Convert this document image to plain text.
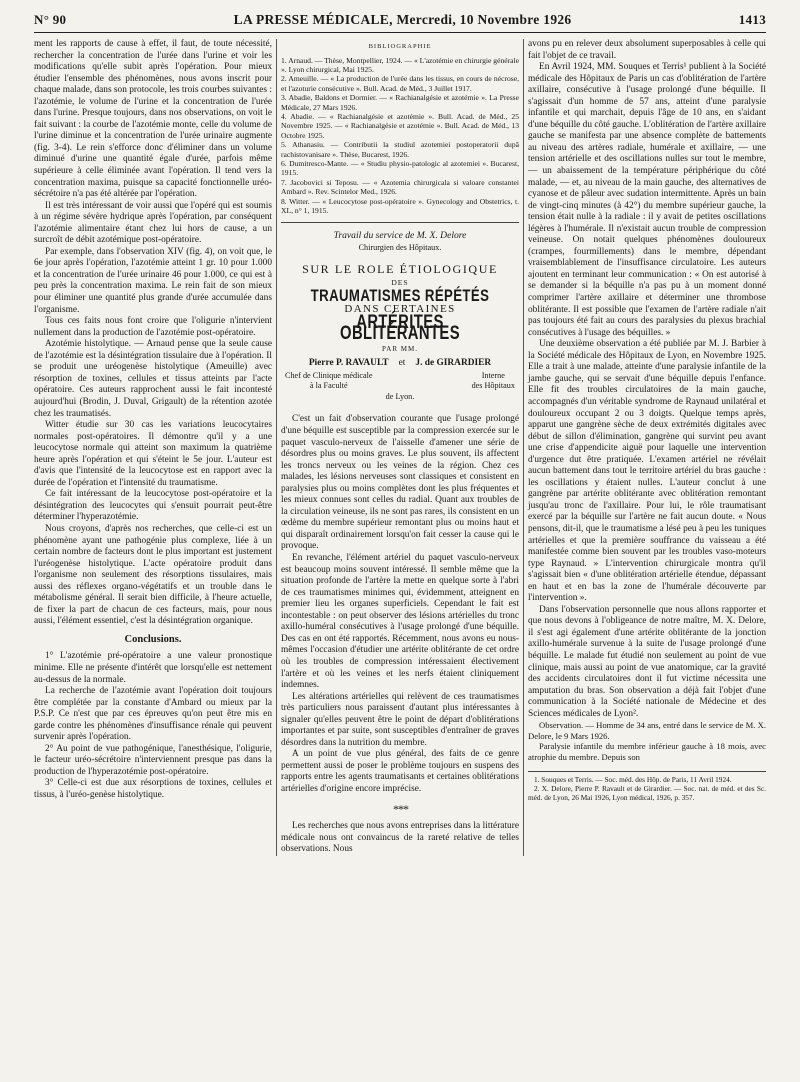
N° 90	LA PRESSE MÉDICALE, Mercredi, 10 Novembre 1926	1413

ment les rapports de cause à effet, il faut, de toute nécessité, rechercher la concentration de l'urée dans l'urine et voir les modifications qu'elle subit après l'opération. Pour mieux étudier l'ensemble des phénomènes, nous avons inscrit pour chaque malade, dans son protocole, les trois courbes suivantes : l'azotémie, le volume de l'urine et la concentration de l'urée dans l'urine. Presque toujours, dans nos observations, on voit le fait suivant : la courbe de l'azotémie monte, celle du volume de l'urine diminue et la concentration de l'urée urinaire augmente (fig. 3-4). Le rein s'efforce donc d'éliminer dans un volume diminué d'urine une quantité égale d'urée, parfois même supérieure à celle éliminée avant l'opération. Il tend vers la concentration maxima, puisque sa capacité fonctionnelle uréo-sécrétoire n'a pas été altérée par l'opération.

Il est très intéressant de voir aussi que l'opéré qui est soumis à un régime sévère hydrique après l'opération, par conséquent l'azotémie alimentaire étant chez lui hors de cause, a un surcroît de débit azotémique post-opératoire.

Par exemple, dans l'observation XIV (fig. 4), on voit que, le 6e jour après l'opération, l'azotémie atteint 1 gr. 10 pour 1.000 et la concentration de l'urée urinaire 46 pour 1.000, ce qui est à peu près la concentration maxima. Le rein fait de son mieux pour éliminer une quantité plus grande d'urée accumulée dans l'organisme.

Tous ces faits nous font croire que l'oligurie n'intervient nullement dans la production de l'azotémie post-opératoire.

Azotémie histolytique. — Arnaud pense que la seule cause de l'azotémie est la désintégration tissulaire due à l'opération. Il se produit une uréogenèse histolytique (Ameuille) avec résorption de toxines, cellules et tissus atteints par l'acte opératoire. Ces auteurs rapprochent aussi le fait incontesté aujourd'hui (Brodin, J. Duval, Grigault) de la rétention azotée chez les traumatisés.

Witter étudie sur 30 cas les variations leucocytaires normales post-opératoires. Il démontre qu'il y a une leucocytose normale qui atteint son maximum la quatrième heure après l'opération et qui s'éteint le 5e jour. L'auteur est d'avis que l'intensité de la leucocytose est en rapport avec la durée de l'opération et l'intensité du traumatisme.

Ce fait intéressant de la leucocytose post-opératoire et la désintégration des leucocytes qui s'ensuit pourrait peut-être déterminer l'hyperazotémie.

Nous croyons, d'après nos recherches, que celle-ci est un phénomène ayant une pathogénie plus complexe, liée à un certain nombre de facteurs dont le plus important est justement l'uréogenèse histolytique. L'acte opératoire produit dans l'organisme non seulement des résorptions tissulaires, mais aussi des réflexes organo-végétatifs et un trouble dans le métabolisme général. Il serait bien difficile, à l'heure actuelle, de fixer la part de chacun de ces facteurs, mais, pour nous aussi, l'élément essentiel, c'est la désintégration organique.

Conclusions.

1° L'azotémie pré-opératoire a une valeur pronostique minime. Elle ne présente d'intérêt que lorsqu'elle est nettement au-dessus de la normale.

La recherche de l'azotémie avant l'opération doit toujours être complétée par la constante d'Ambard ou mieux par la P.S.P. Ce n'est que par ces épreuves qu'on peut être mis en garde contre les phénomènes d'insuffisance rénale qui peuvent survenir après l'opération.

2° Au point de vue pathogénique, l'anesthésique, l'oligurie, le facteur uréo-sécrétoire n'interviennent presque pas dans la production de l'hyperazotémie post-opératoire.

3° Celle-ci est due aux résorptions de toxines, cellules et tissus, à l'uréo-genèse histolytique.

BIBLIOGRAPHIE

1. Arnaud. — Thèse, Montpellier, 1924. — « L'azotémie en chirurgie générale ». Lyon chirurgical, Mai 1925.

2. Ameuille. — « La production de l'urée dans les tissus, en cours de nécrose, et l'azoturie consécutive ». Bull. Acad. de Méd., 3 Juillet 1917.

3. Abadie, Baldons et Dormier. — « Rachianalgésie et azotémie ». La Presse Médicale, 27 Mars 1926.

4. Abadie. — « Rachianalgésie et azotémie ». Bull. Acad. de Méd., 25 Novembre 1925. — « Rachianalgésie et azotémie ». Bull. Acad. de Méd., 13 Octobre 1925.

5. Athanasiu. — Contributii la studiul azotemiei postoperatorii după rachistovanisare ». Thèse, Bucarest, 1926.

6. Dumitresco-Mante. — « Studiu physio-patologic al azotemiei ». Bucarest, 1915.

7. Jacobovici si Teposu. — « Azotemia chirurgicala si valoare constantei Ambard ». Rev. Scintelor Med., 1926.

8. Witter. — « Leucocytose post-opératoire ». Gynecology and Obstetrics, t. XL, n° 1, 1915.

Travail du service de M. X. Delore
Chirurgien des Hôpitaux.
SUR LE ROLE ÉTIOLOGIQUE
DES
TRAUMATISMES RÉPÉTÉS
DANS CERTAINES
ARTÉRITES OBLITÉRANTES
PAR MM.
Pierre P. RAVAULT et J. de GIRARDIER
Chef de Clinique médicale
à la Faculté
Interne
des Hôpitaux
de Lyon.

C'est un fait d'observation courante que l'usage prolongé d'une béquille est susceptible par la compression exercée sur le paquet vasculo-nerveux de l'aisselle d'amener une série de désordres plus ou moins graves. Le plus souvent, ils affectent les troncs nerveux ou les veines de la région. Chez ces malades, les lésions nerveuses sont classiques et consistent en paralysies plus ou moins complètes dont les plus fréquentes et les mieux connues sont celles du radial. Quant aux troubles de la circulation veineuse, ils ne sont pas rares, ils consistent en un œdème du membre supérieur remontant plus ou moins haut et qui disparaît ordinairement lorsqu'on fait cesser la cause qui le provoque.

En revanche, l'élément artériel du paquet vasculo-nerveux est beaucoup moins souvent intéressé. Il semble même que la situation profonde de l'artère la mette en quelque sorte à l'abri de ces traumatismes minimes qui, évidemment, atteignent en premier lieu les organes superficiels. Cependant le fait est incontestable : on peut observer des lésions artérielles du tronc axillo-huméral consécutives à l'usage prolongé d'une béquille. Des cas en ont été rapportés. Récemment, nous avons eu nous-mêmes l'occasion d'étudier une artérite oblitérante de cet ordre où les troubles de compression intéressaient électivement l'artère et où les veines et les nerfs étaient cliniquement indemnes.

Les altérations artérielles qui relèvent de ces traumatismes très particuliers nous paraissent d'autant plus intéressantes à signaler qu'elles peuvent être le point de départ d'oblitérations importantes et par suite, sont susceptibles d'entraîner de graves désordres dans la nutrition du membre.

A un point de vue plus général, des faits de ce genre permettent aussi de poser le problème toujours en suspens des rapports entre les agents traumatisants et certaines oblitérations artérielles d'origine encore imprécise.

* * *

Les recherches que nous avons entreprises dans la littérature médicale nous ont convaincus de la rareté relative de telles observations. Nous

avons pu en relever deux absolument superposables à celle qui fait l'objet de ce travail.

En Avril 1924, MM. Souques et Terris¹ publient à la Société médicale des Hôpitaux de Paris un cas d'oblitération de l'artère axillaire, consécutive à l'usage prolongé d'une béquille. Il s'agissait d'un homme de 57 ans, atteint d'une paralysie infantile et qui marchait, depuis l'âge de 10 ans, en s'aidant d'une béquille du côté gauche. L'oblitération de l'artère axillaire gauche se manifesta par une absence complète de battements au niveau des artères radiale, humérale et axillaire, — une tension artérielle et des oscillations nulles sur tout le membre, — un abaissement de la température périphérique du côté malade, — et, au niveau de la main gauche, des alternatives de cyanose et de pâleur avec sudation intermittente. Après un bain de vingt-cinq minutes (à 42°) du membre supérieur gauche, la tension était nulle à la radiale : il y avait de petites oscillations légères à l'humérale. Il n'existait aucun trouble de compression veineuse. On notait quelques phénomènes douloureux (crampes, fourmillements) dans le membre, dépendant vraisemblablement de l'insuffisance circulatoire. Les auteurs ajoutent en terminant leur communication : « On est autorisé à se demander si la béquille n'a pas pu à un moment donné comprimer l'artère axillaire et déterminer une thrombose oblitérante. Il est possible que l'examen de l'artère radiale n'ait pas toujours été fait au cours des paralysies du plexus brachial consécutives à l'usage des béquilles. »

Une deuxième observation a été publiée par M. J. Barbier à la Société médicale des Hôpitaux de Lyon, en Novembre 1925. Elle a trait à une malade, atteinte d'une paralysie infantile de la jambe gauche, qui se servait d'une béquille depuis l'enfance. Elle fit des troubles circulatoires de la main gauche, accompagnés d'un véritable syndrome de Raynaud unilatéral et douloureux occupant 2 ou 3 doigts. Quelque temps après, apparut une gangrène sèche de deux extrémités digitales avec début de sillon d'élimination, gangrène qui survint peu avant une crise d'appendicite aiguë pour laquelle une intervention d'urgence dut être pratiquée. L'examen artériel ne révélait aucun battement dans tout le territoire artériel du bras gauche : les oscillations y étaient nulles. L'auteur conclut à une gangrène par artérite oblitérante avec oblitération remontant jusqu'au tronc de l'axillaire. Pour lui, le rôle traumatisant exercé par la béquille sur l'artère ne fait aucun doute. « Nous pensons, dit-il, que le traumatisme a lésé peu à peu les tuniques artérielles et que la première souffrance du vaisseau a été manifestée comme bien souvent par les troubles vaso-moteurs type Raynaud. » L'intervention chirurgicale montra qu'il s'agissait bien « d'une oblitération artérielle étendue, dépassant en haut et en bas la zone de l'humérale découverte par l'intervention ».

Dans l'observation personnelle que nous allons rapporter et que nous devons à l'obligeance de notre maître, M. X. Delore, il s'est agi également d'une artérite oblitérante de la jonction axillo-humérale survenue à la suite de l'usage prolongé d'une béquille. Le malade fut étudié non seulement au point de vue clinique, mais aussi au point de vue anatomique, car la gravité des accidents circulatoires dont il fut victime nécessita une amputation du bras. Son observation a déjà fait l'objet d'une communication à la Société nationale de Médecine et des Sciences médicales de Lyon².

Observation. — Homme de 34 ans, entré dans le service de M. X. Delore, le 9 Mars 1926.

Paralysie infantile du membre inférieur gauche à 18 mois, avec atrophie du membre. Depuis son

1. Souques et Terris. — Soc. méd. des Hôp. de Paris, 11 Avril 1924.

2. X. Delore, Pierre P. Ravault et de Girardier. — Soc. nat. de méd. et des Sc. méd. de Lyon, 26 Mai 1926, Lyon médical, 1926, p. 357.
